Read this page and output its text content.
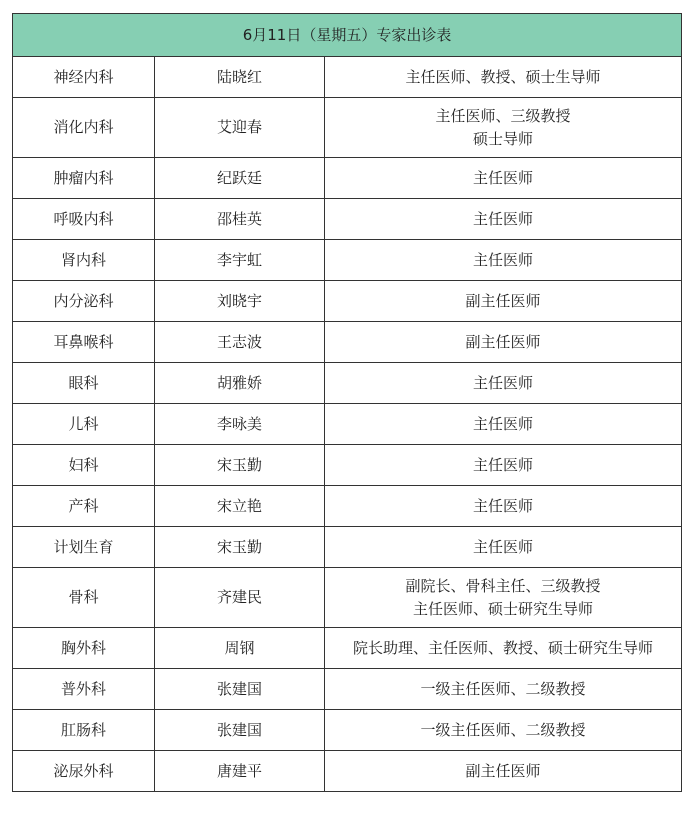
6月11日（星期五）专家出诊表		
神经内科	陆晓红	主任医师、教授、硕士生导师

消化内科	艾迎春	主任医师、三级教授
硕士导师

肿瘤内科	纪跃廷	主任医师

呼吸内科	邵桂英	主任医师

肾内科	李宇虹	主任医师

内分泌科	刘晓宇	副主任医师

耳鼻喉科	王志波	副主任医师

眼科	胡雅娇	主任医师

儿科	李咏美	主任医师

妇科	宋玉勤	主任医师

产科	宋立艳	主任医师

计划生育	宋玉勤	主任医师

骨科	齐建民	副院长、骨科主任、三级教授
主任医师、硕士研究生导师

胸外科	周钢	院长助理、主任医师、教授、硕士研究生导师

普外科	张建国	一级主任医师、二级教授

肛肠科	张建国	一级主任医师、二级教授

泌尿外科	唐建平	副主任医师
